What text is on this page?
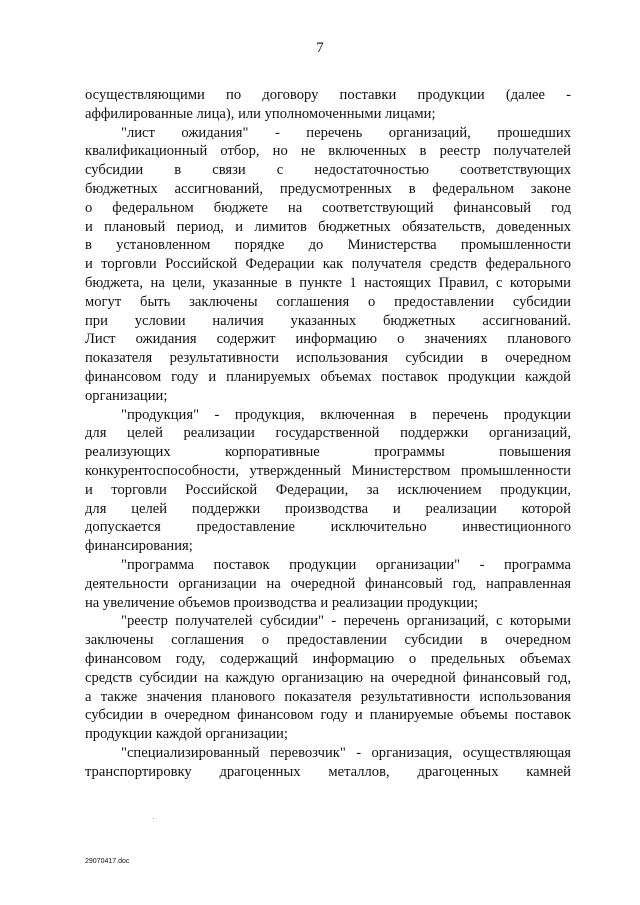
7
осуществляющими по договору поставки продукции (далее -
аффилированные лица), или уполномоченными лицами;
"лист ожидания" - перечень организаций, прошедших
квалификационный отбор, но не включенных в реестр получателей
субсидии в связи с недостаточностью соответствующих
бюджетных ассигнований, предусмотренных в федеральном законе
о федеральном бюджете на соответствующий финансовый год
и плановый период, и лимитов бюджетных обязательств, доведенных
в установленном порядке до Министерства промышленности
и торговли Российской Федерации как получателя средств федерального
бюджета, на цели, указанные в пункте 1 настоящих Правил, с которыми
могут быть заключены соглашения о предоставлении субсидии
при условии наличия указанных бюджетных ассигнований.
Лист ожидания содержит информацию о значениях планового
показателя результативности использования субсидии в очередном
финансовом году и планируемых объемах поставок продукции каждой
организации;
"продукция" - продукция, включенная в перечень продукции
для целей реализации государственной поддержки организаций,
реализующих корпоративные программы повышения
конкурентоспособности, утвержденный Министерством промышленности
и торговли Российской Федерации, за исключением продукции,
для целей поддержки производства и реализации которой
допускается предоставление исключительно инвестиционного
финансирования;
"программа поставок продукции организации" - программа
деятельности организации на очередной финансовый год, направленная
на увеличение объемов производства и реализации продукции;
"реестр получателей субсидии" - перечень организаций, с которыми
заключены соглашения о предоставлении субсидии в очередном
финансовом году, содержащий информацию о предельных объемах
средств субсидии на каждую организацию на очередной финансовый год,
а также значения планового показателя результативности использования
субсидии в очередном финансовом году и планируемые объемы поставок
продукции каждой организации;
"специализированный перевозчик" - организация, осуществляющая
транспортировку драгоценных металлов, драгоценных камней
29070417.doc
